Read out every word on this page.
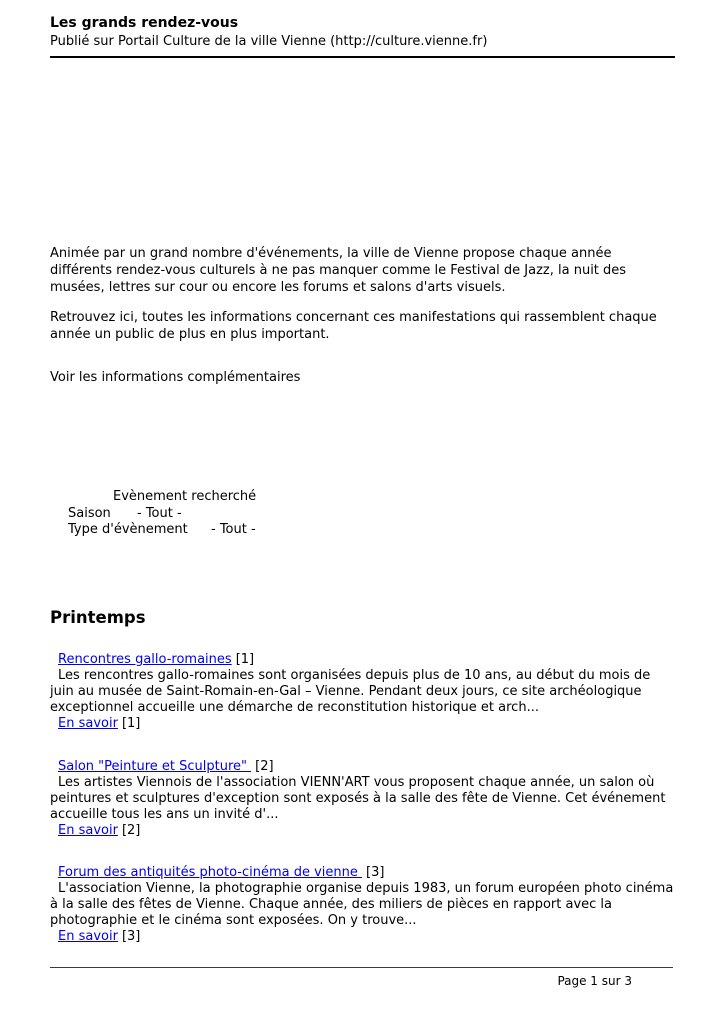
Les grands rendez-vous
Publié sur Portail Culture de la ville Vienne (http://culture.vienne.fr)

Animée par un grand nombre d'événements, la ville de Vienne propose chaque année différents rendez-vous culturels à ne pas manquer comme le Festival de Jazz, la nuit des musées, lettres sur cour ou encore les forums et salons d'arts visuels.

Retrouvez ici, toutes les informations concernant ces manifestations qui rassemblent chaque année un public de plus en plus important.

Voir les informations complémentaires
Evènement recherché
Saison - Tout -
Type d'évènement - Tout -
Printemps
Rencontres gallo-romaines [1]
Les rencontres gallo-romaines sont organisées depuis plus de 10 ans, au début du mois de juin au musée de Saint-Romain-en-Gal – Vienne. Pendant deux jours, ce site archéologique exceptionnel accueille une démarche de reconstitution historique et arch...
En savoir [1]
Salon "Peinture et Sculpture" [2]
Les artistes Viennois de l'association VIENN'ART vous proposent chaque année, un salon où peintures et sculptures d'exception sont exposés à la salle des fête de Vienne. Cet événement accueille tous les ans un invité d'...
En savoir [2]
Forum des antiquités photo-cinéma de vienne [3]
L'association Vienne, la photographie organise depuis 1983, un forum européen photo cinéma à la salle des fêtes de Vienne. Chaque année, des miliers de pièces en rapport avec la photographie et le cinéma sont exposées. On y trouve...
En savoir [3]
Page 1 sur 3
